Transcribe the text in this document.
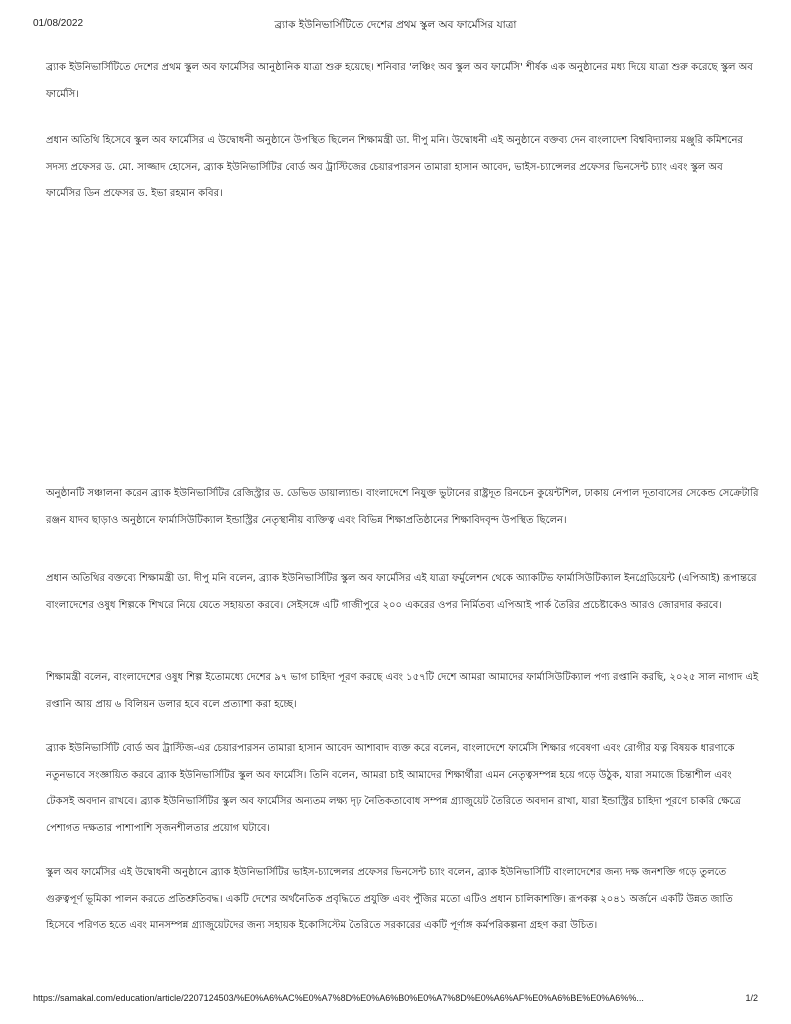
01/08/2022	ব্র্যাক ইউনিভার্সিটিতে দেশের প্রথম স্কুল অব ফার্মেসির যাত্রা

ব্র্যাক ইউনিভার্সিটিতে দেশের প্রথম স্কুল অব ফার্মেসির আনুষ্ঠানিক যাত্রা শুরু হয়েছে। শনিবার 'লঞ্চিং অব স্কুল অব ফার্মেসি' শীর্ষক এক অনুষ্ঠানের মধ্য দিয়ে যাত্রা শুরু করেছে স্কুল অব ফার্মেসি।

প্রধান অতিথি হিসেবে স্কুল অব ফার্মেসির এ উদ্বোধনী অনুষ্ঠানে উপস্থিত ছিলেন শিক্ষামন্ত্রী ডা. দীপু মনি। উদ্বোধনী এই অনুষ্ঠানে বক্তব্য দেন বাংলাদেশ বিশ্ববিদ্যালয় মঞ্জুরি কমিশনের সদস্য প্রফেসর ড. মো. সাজ্জাদ হোসেন, ব্র্যাক ইউনিভার্সিটির বোর্ড অব ট্রাস্টিজের চেয়ারপারসন তামারা হাসান আবেদ, ভাইস-চ্যান্সেলর প্রফেসর ভিনসেন্ট চ্যাং এবং স্কুল অব ফার্মেসির ডিন প্রফেসর ড. ইভা রহমান কবির।

অনুষ্ঠানটি সঞ্চালনা করেন ব্র্যাক ইউনিভার্সিটির রেজিস্ট্রার ড. ডেভিড ডায়াল্যান্ড। বাংলাদেশে নিযুক্ত ভুটানের রাষ্ট্রদূত রিনচেন কুয়েন্টশিল, ঢাকায় নেপাল দূতাবাসের সেকেন্ড সেক্রেটারি রঞ্জন যাদব ছাড়াও অনুষ্ঠানে ফার্মাসিউটিক্যাল ইন্ডাস্ট্রির নেতৃস্থানীয় ব্যক্তিত্ব এবং বিভিন্ন শিক্ষাপ্রতিষ্ঠানের শিক্ষাবিদবৃন্দ উপস্থিত ছিলেন।

প্রধান অতিথির বক্তব্যে শিক্ষামন্ত্রী ডা. দীপু মনি বলেন, ব্র্যাক ইউনিভার্সিটির স্কুল অব ফার্মেসির এই যাত্রা ফর্মুলেশন থেকে অ্যাকটিভ ফার্মাসিউটিক্যাল ইনগ্রেডিয়েন্ট (এপিআই) রূপান্তরে বাংলাদেশের ওষুধ শিল্পকে শিখরে নিয়ে যেতে সহায়তা করবে। সেইসঙ্গে এটি গাজীপুরে ২০০ একরের ওপর নির্মিতব্য এপিআই পার্ক তৈরির প্রচেষ্টাকেও আরও জোরদার করবে।

শিক্ষামন্ত্রী বলেন, বাংলাদেশের ওষুধ শিল্প ইতোমধ্যে দেশের ৯৭ ভাগ চাহিদা পূরণ করছে এবং ১৫৭টি দেশে আমরা আমাদের ফার্মাসিউটিক্যাল পণ্য রপ্তানি করছি, ২০২৫ সাল নাগাদ এই রপ্তানি আয় প্রায় ৬ বিলিয়ন ডলার হবে বলে প্রত্যাশা করা হচ্ছে।

ব্র্যাক ইউনিভার্সিটি বোর্ড অব ট্রাস্টিজ-এর চেয়ারপারসন তামারা হাসান আবেদ আশাবাদ ব্যক্ত করে বলেন, বাংলাদেশে ফার্মেসি শিক্ষার গবেষণা এবং রোগীর যত্ন বিষয়ক ধারণাকে নতুনভাবে সংজ্ঞায়িত করবে ব্র্যাক ইউনিভার্সিটির স্কুল অব ফার্মেসি। তিনি বলেন, আমরা চাই আমাদের শিক্ষার্থীরা এমন নেতৃত্বসম্পন্ন হয়ে গড়ে উঠুক, যারা সমাজে চিন্তাশীল এবং টেকসই অবদান রাখবে। ব্র্যাক ইউনিভার্সিটির স্কুল অব ফার্মেসির অন্যতম লক্ষ্য দৃঢ় নৈতিকতাবোধ সম্পন্ন গ্র্যাজুয়েট তৈরিতে অবদান রাখা, যারা ইন্ডাস্ট্রির চাহিদা পূরণে চাকরি ক্ষেত্রে পেশাগত দক্ষতার পাশাপাশি সৃজনশীলতার প্রয়োগ ঘটাবে।

স্কুল অব ফার্মেসির এই উদ্বোধনী অনুষ্ঠানে ব্র্যাক ইউনিভার্সিটির ভাইস-চ্যান্সেলর প্রফেসর ভিনসেন্ট চ্যাং বলেন, ব্র্যাক ইউনিভার্সিটি বাংলাদেশের জন্য দক্ষ জনশক্তি গড়ে তুলতে গুরুত্বপূর্ণ ভূমিকা পালন করতে প্রতিশ্রুতিবদ্ধ। একটি দেশের অর্থনৈতিক প্রবৃদ্ধিতে প্রযুক্তি এবং পুঁজির মতো এটিও প্রধান চালিকাশক্তি। রূপকল্প ২০৪১ অর্জনে একটি উন্নত জাতি হিসেবে পরিণত হতে এবং মানসম্পন্ন গ্র্যাজুয়েটদের জন্য সহায়ক ইকোসিস্টেম তৈরিতে সরকারের একটি পূর্ণাঙ্গ কর্মপরিকল্পনা গ্রহণ করা উচিত।

https://samakal.com/education/article/2207124503/%E0%A6%AC%E0%A7%8D%E0%A6%B0%E0%A7%8D%E0%A6%AF%E0%A6%BE%E0%A6%%...	1/2
